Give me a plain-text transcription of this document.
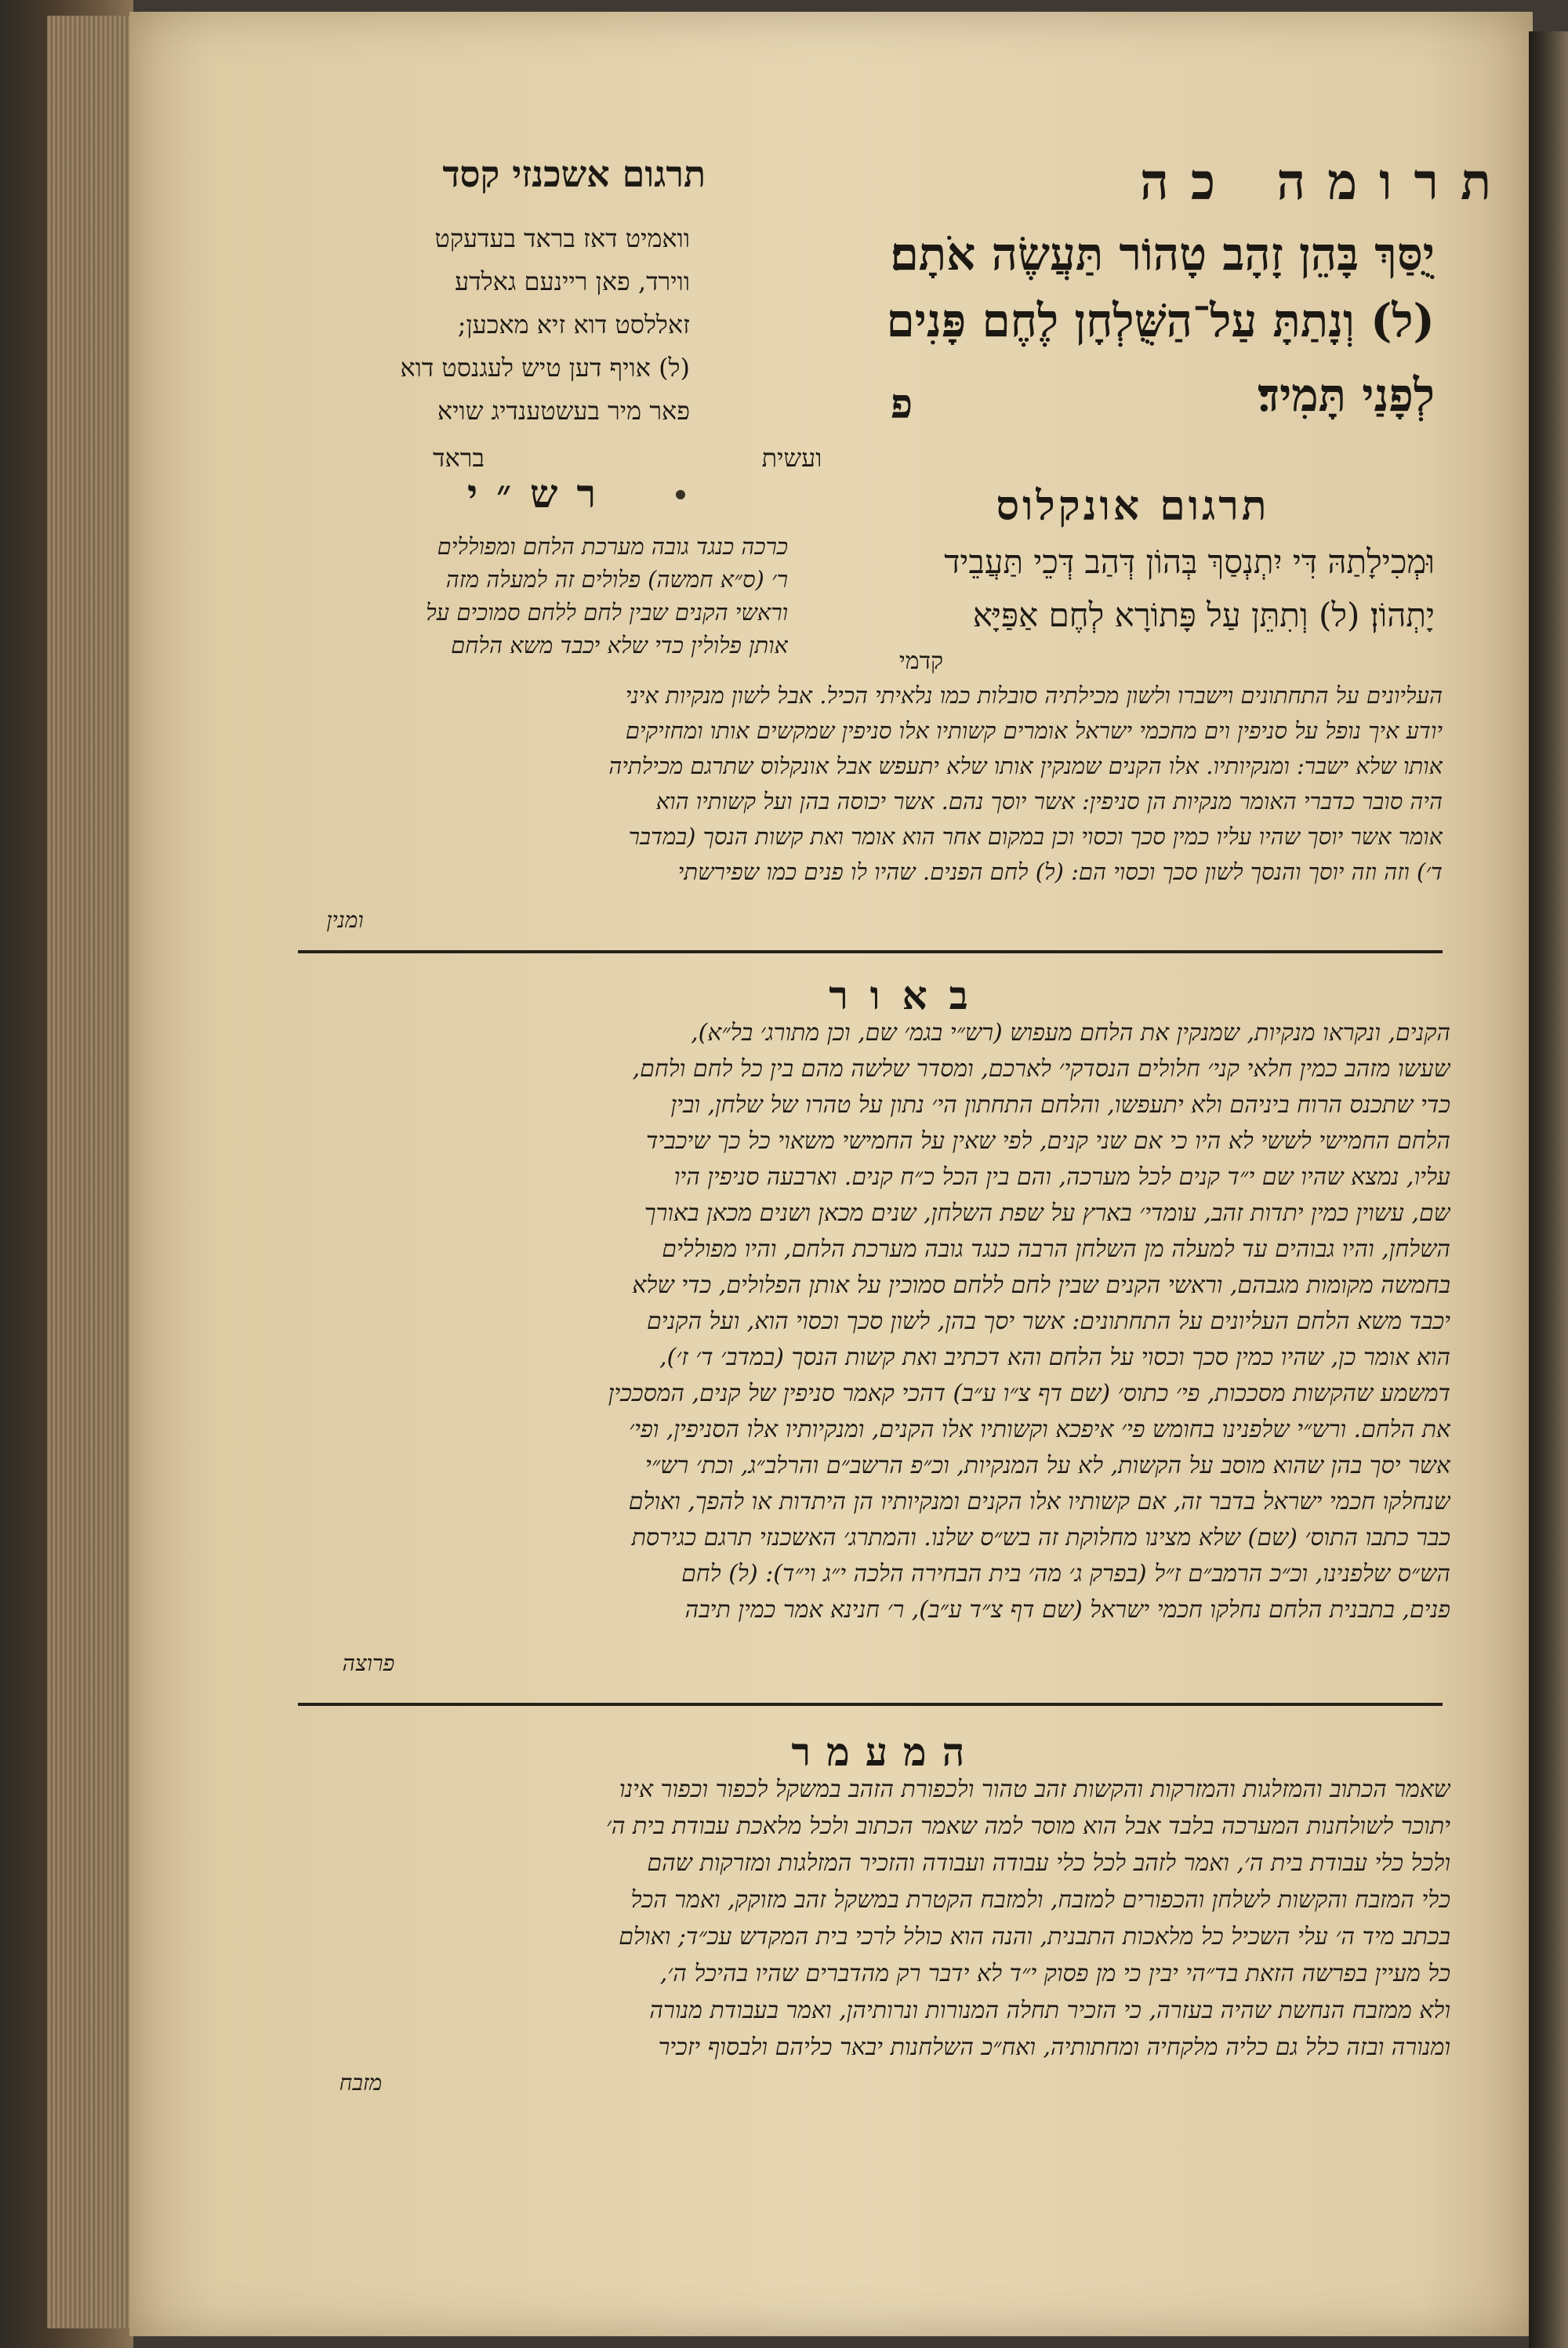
תרומה כה
תרגום אשכנזי קסד
יֻסַּךְ בָּהֵן זָהָב טָהוֹר תַּעֲשֶׂה אֹתָם׃
(ל) וְנָתַתָּ עַל־הַשֻּׁלְחָן לֶחֶם פָּנִים
לְפָנַי תָּמִיד׃
פ
ועשית
וואמיט דאז בראד בעדעקט
ווירד, פאן ריינעם גאלדע
זאללסט דוא זיא מאכען;
(ל) אויף דען טיש לעגנסט דוא
פאר מיר בעשטענדיג שויא
בראד
תרגום אונקלוס
וּמְכִילָתַהּ דִּי יִתְנְסַךְ בְּהוֹן דְּהַב דְּכֵי תַּעֲבֵיד
יָתְהוֹן׃ (ל) וְתִתֵּן עַל פָּתוֹרָא לְחֶם אַפַּיָּא
קדמי
רש״י
כרכה כנגד גובה מערכת הלחם ומפוללים
ר׳ (ס״א חמשה) פלולים זה למעלה מזה
וראשי הקנים שבין לחם ללחם סמוכים על
אותן פלולין כדי שלא יכבד משא הלחם
העליונים על התחתונים וישברו ולשון מכילתיה סובלות כמו נלאיתי הכיל. אבל לשון מנקיות איני
יודע איך נופל על סניפין וים מחכמי ישראל אומרים קשותיו אלו סניפין שמקשים אותו ומחזיקים
אותו שלא ישבר: ומנקיותיו. אלו הקנים שמנקין אותו שלא יתעפש אבל אונקלוס שתרגם מכילתיה
היה סובר כדברי האומר מנקיות הן סניפין: אשר יוסך נהם. אשר יכוסה בהן ועל קשותיו הוא
אומר אשר יוסך שהיו עליו כמין סכך וכסוי וכן במקום אחר הוא אומר ואת קשות הנסך (במדבר
ד׳) וזה וזה יוסך והנסך לשון סכך וכסוי הם: (ל) לחם הפנים. שהיו לו פנים כמו שפירשתי
ומנין
באור
הקנים, ונקראו מנקיות, שמנקין את הלחם מעפוש (רש״י בגמ׳ שם, וכן מתורג׳ בל״א),
שעשו מזהב כמין חלאי קני׳ חלולים הנסדקי׳ לארכם, ומסדר שלשה מהם בין כל לחם ולחם,
כדי שתכנס הרוח ביניהם ולא יתעפשו, והלחם התחתון הי׳ נתון על טהרו של שלחן, ובין
הלחם החמישי לששי לא היו כי אם שני קנים, לפי שאין על החמישי משאוי כל כך שיכביד
עליו, נמצא שהיו שם י״ד קנים לכל מערכה, והם בין הכל כ״ח קנים. וארבעה סניפין היו
שם, עשוין כמין יתדות זהב, עומדי׳ בארץ על שפת השלחן, שנים מכאן ושנים מכאן באורך
השלחן, והיו גבוהים עד למעלה מן השלחן הרבה כנגד גובה מערכת הלחם, והיו מפוללים
בחמשה מקומות מגבהם, וראשי הקנים שבין לחם ללחם סמוכין על אותן הפלולים, כדי שלא
יכבד משא הלחם העליונים על התחתונים: אשר יסך בהן, לשון סכך וכסוי הוא, ועל הקנים
הוא אומר כן, שהיו כמין סכך וכסוי על הלחם והא דכתיב ואת קשות הנסך (במדב׳ ד׳ ז׳),
דמשמע שהקשות מסככות, פי׳ כתוס׳ (שם דף צ״ו ע״ב) דהכי קאמר סניפין של קנים, המסככין
את הלחם. ורש״י שלפנינו בחומש פי׳ איפכא וקשותיו אלו הקנים, ומנקיותיו אלו הסניפין, ופי׳
אשר יסך בהן שהוא מוסב על הקשות, לא על המנקיות, וכ״פ הרשב״ם והרלב״ג, וכת׳ רש״י
שנחלקו חכמי ישראל בדבר זה, אם קשותיו אלו הקנים ומנקיותיו הן היתדות או להפך, ואולם
כבר כתבו התוס׳ (שם) שלא מצינו מחלוקת זה בש״ס שלנו. והמתרג׳ האשכנזי תרגם כגירסת
הש״ס שלפנינו, וכ״כ הרמב״ם ז״ל (בפרק ג׳ מה׳ בית הבחירה הלכה י״ג וי״ד): (ל) לחם
פנים, בתבנית הלחם נחלקו חכמי ישראל (שם דף צ״ד ע״ב), ר׳ חנינא אמר כמין תיבה
פרוצה
המעמר
שאמר הכתוב והמזלגות והמזרקות והקשות זהב טהור ולכפורת הזהב במשקל לכפור וכפור אינו
יתוכר לשולחנות המערכה בלבד אבל הוא מוסר למה שאמר הכתוב ולכל מלאכת עבודת בית ה׳
ולכל כלי עבודת בית ה׳, ואמר לזהב לכל כלי עבודה ועבודה והזכיר המזלגות ומזרקות שהם
כלי המזבח והקשות לשלחן והכפורים למזבח, ולמזבח הקטרת במשקל זהב מזוקק, ואמר הכל
בכתב מיד ה׳ עלי השכיל כל מלאכות התבנית, והנה הוא כולל לרכי בית המקדש עכ״ד; ואולם
כל מעיין בפרשה הזאת בד״הי יבין כי מן פסוק י״ד לא ידבר רק מהדברים שהיו בהיכל ה׳,
ולא ממזבח הנחשת שהיה בעזרה, כי הזכיר תחלה המנורות ונרותיהן, ואמר בעבודת מנורה
ומנורה ובזה כלל גם כליה מלקחיה ומחתותיה, ואח״כ השלחנות יבאר כליהם ולבסוף יזכיר
מזבח
